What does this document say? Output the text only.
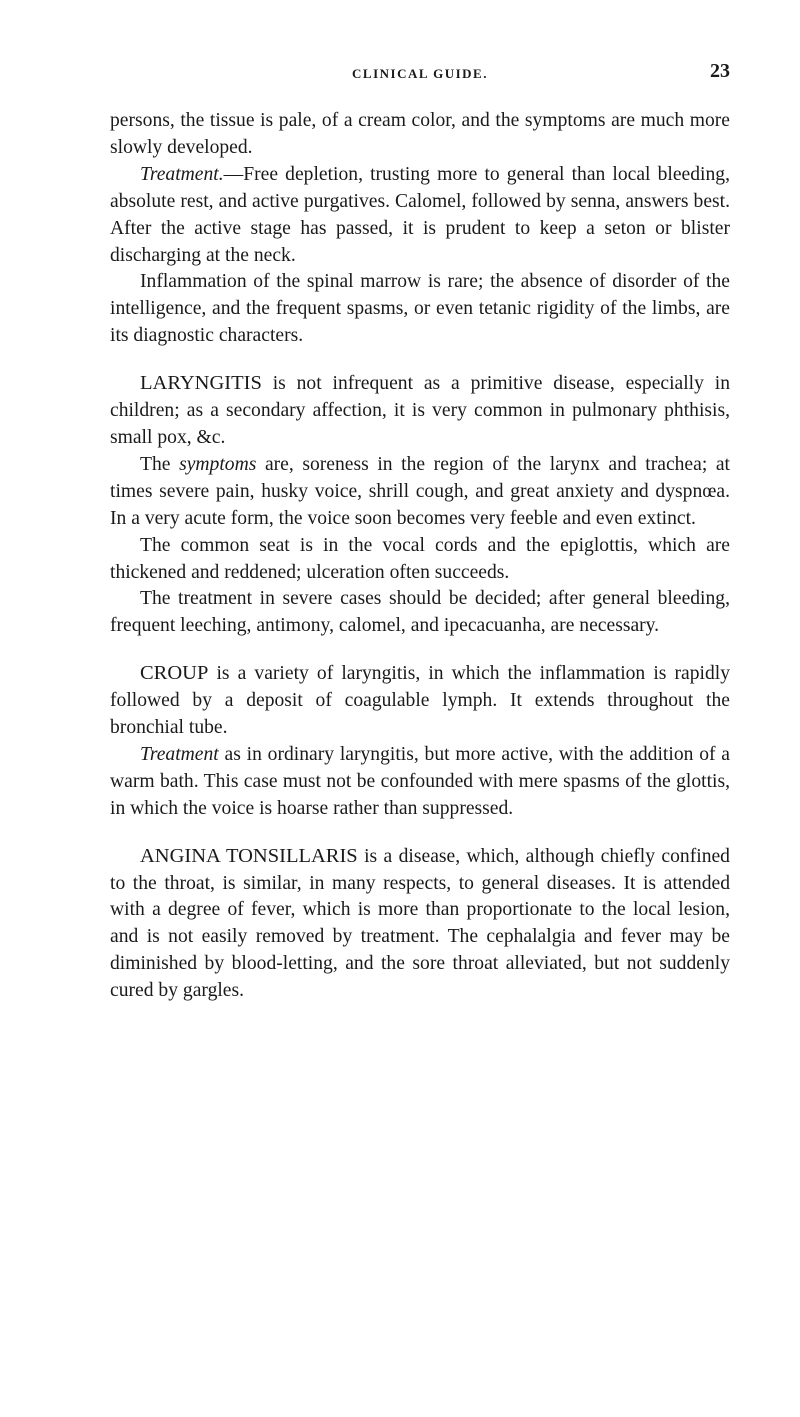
CLINICAL GUIDE.	23

persons, the tissue is pale, of a cream color, and the symptoms are much more slowly developed.

Treatment.—Free depletion, trusting more to general than local bleeding, absolute rest, and active purgatives. Calomel, followed by senna, answers best. After the active stage has passed, it is prudent to keep a seton or blister discharging at the neck.

Inflammation of the spinal marrow is rare; the absence of disorder of the intelligence, and the frequent spasms, or even tetanic rigidity of the limbs, are its diagnostic characters.

LARYNGITIS is not infrequent as a primitive disease, especially in children; as a secondary affection, it is very common in pulmonary phthisis, small pox, &c.

The symptoms are, soreness in the region of the larynx and trachea; at times severe pain, husky voice, shrill cough, and great anxiety and dyspnœa. In a very acute form, the voice soon becomes very feeble and even extinct.

The common seat is in the vocal cords and the epiglottis, which are thickened and reddened; ulceration often succeeds.

The treatment in severe cases should be decided; after general bleeding, frequent leeching, antimony, calomel, and ipecacuanha, are necessary.

CROUP is a variety of laryngitis, in which the inflammation is rapidly followed by a deposit of coagulable lymph. It extends throughout the bronchial tube.

Treatment as in ordinary laryngitis, but more active, with the addition of a warm bath. This case must not be confounded with mere spasms of the glottis, in which the voice is hoarse rather than suppressed.

ANGINA TONSILLARIS is a disease, which, although chiefly confined to the throat, is similar, in many respects, to general diseases. It is attended with a degree of fever, which is more than proportionate to the local lesion, and is not easily removed by treatment. The cephalalgia and fever may be diminished by blood-letting, and the sore throat alleviated, but not suddenly cured by gargles.
